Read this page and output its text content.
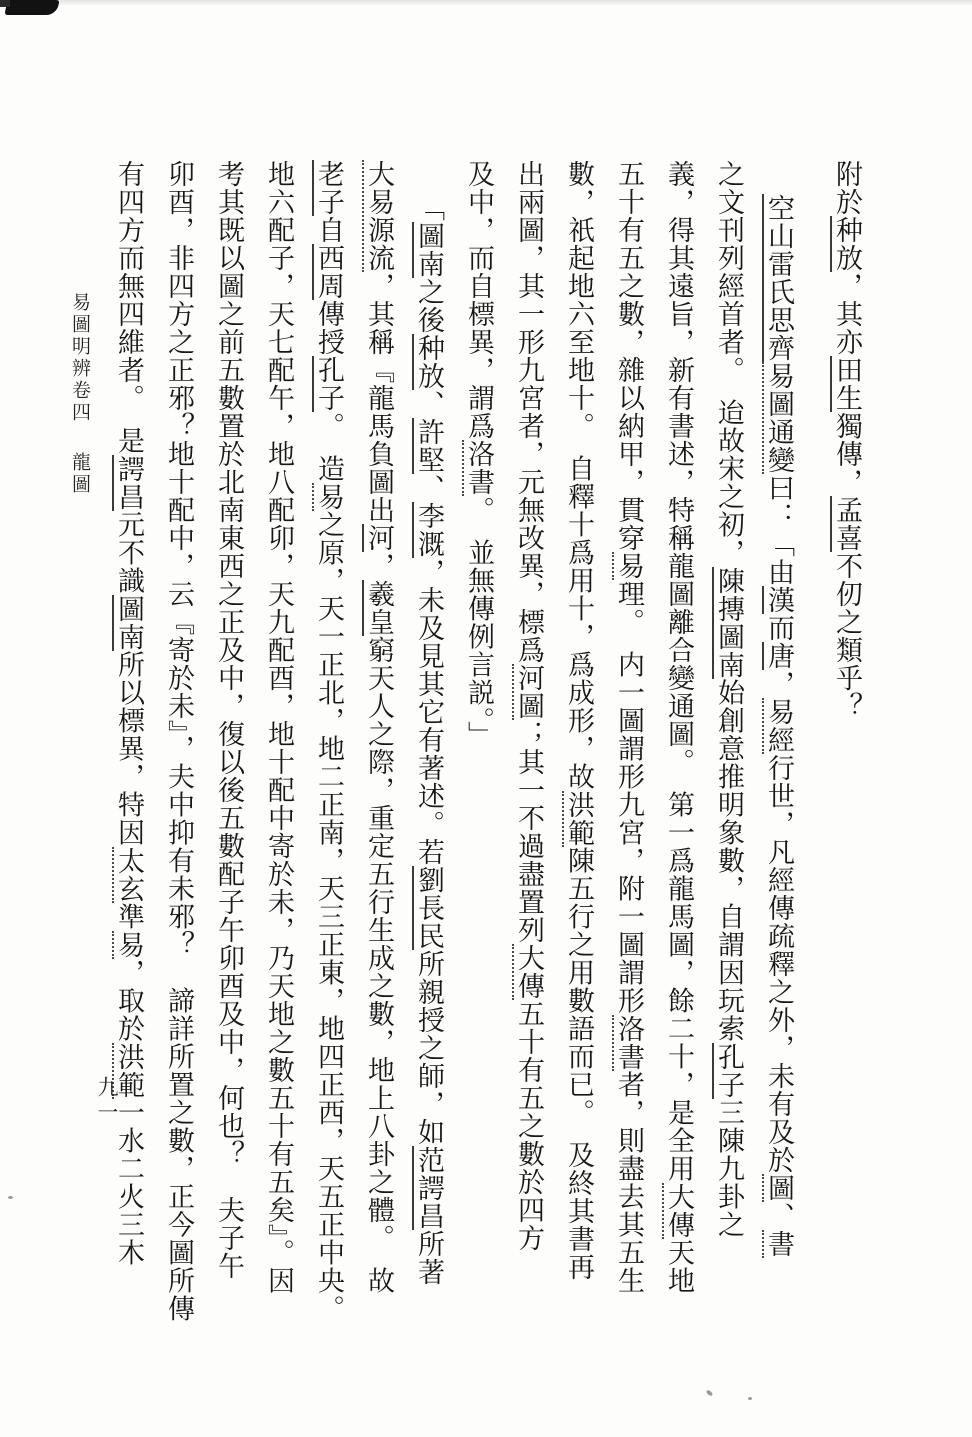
附於种放，其亦田生獨傳，孟喜不仞之類乎？
空山雷氏思齊易圖通變曰：「由漢而唐，易經行世，凡經傳疏釋之外，未有及於圖、書
之文刊列經首者。　迨故宋之初，陳摶圖南始創意推明象數，自謂因玩索孔子三陳九卦之
義，得其遠旨，新有書述，特稱龍圖離合變通圖。　第一爲龍馬圖，餘二十，是全用大傳天地
五十有五之數，雜以納甲，貫穿易理。　内一圖謂形九宮，附一圖謂形洛書者，則盡去其五生
數，祇起地六至地十。　自釋十爲用十，爲成形，故洪範陳五行之用數語而已。　及終其書再
出兩圖，其一形九宮者，元無改異，標爲河圖；其一不過盡置列大傳五十有五之數於四方
及中，而自標異，謂爲洛書。　並無傳例言説。」
「圖南之後种放、許堅、李溉，未及見其它有著述。若劉長民所親授之師，如范諤昌所著
大易源流，其稱『龍馬負圖出河，羲皇窮天人之際，重定五行生成之數，地上八卦之體。　故
老子自西周傳授孔子。　造易之原，天一正北，地二正南，天三正東，地四正西，天五正中央。
地六配子，天七配午，地八配卯，天九配酉，地十配中寄於未，乃天地之數五十有五矣』。因
考其既以圖之前五數置於北南東西之正及中，復以後五數配子午卯酉及中，何也？　夫子午
卯酉，非四方之正邪？地十配中，云『寄於未』，夫中抑有未邪？　諦詳所置之數，正今圖所傳
有四方而無四維者。　是諤昌元不識圖南所以標異，特因太玄準易，取於洪範一水二火三木
易圖明辨卷四龍圖
九一
